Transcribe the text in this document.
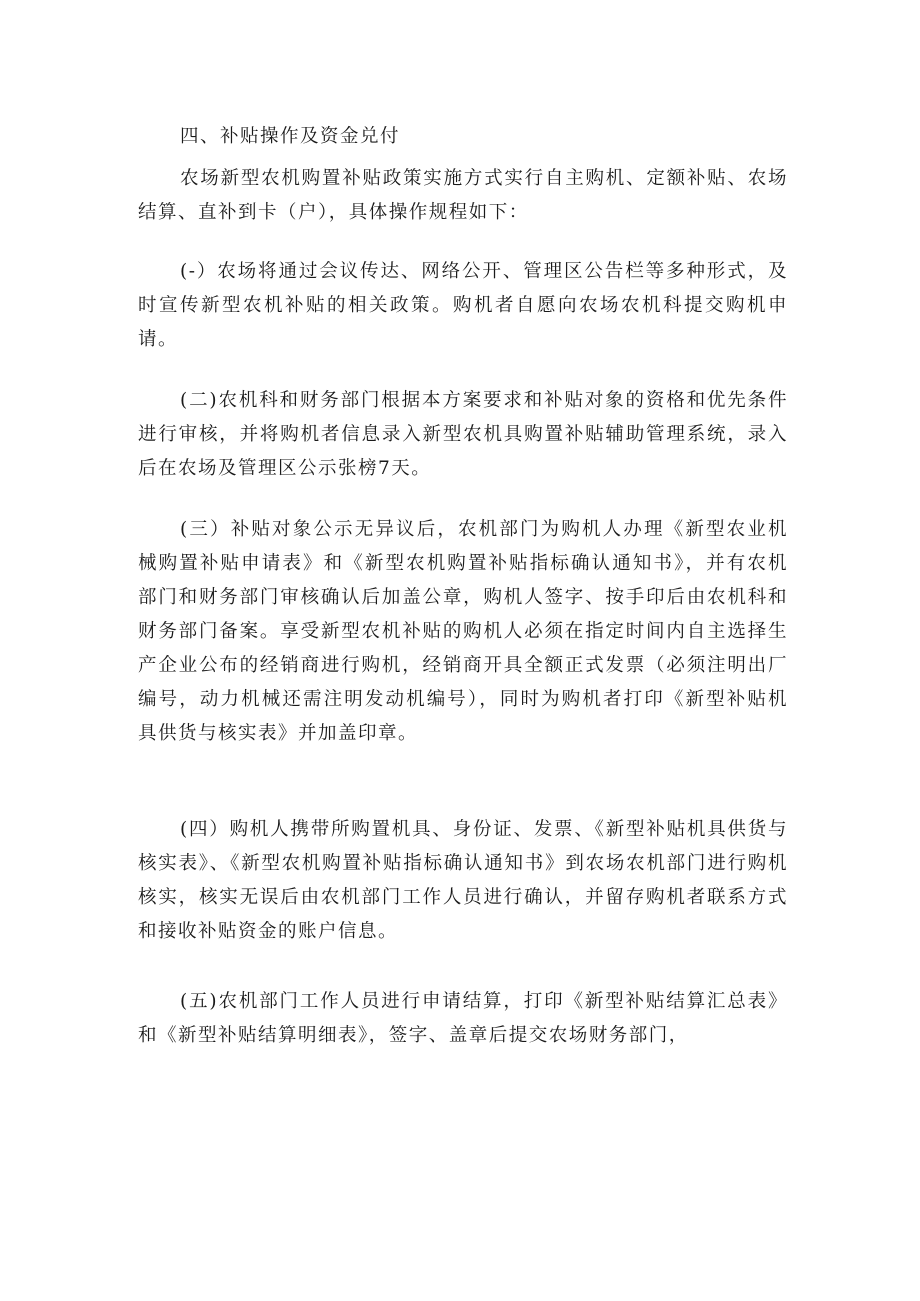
四、补贴操作及资金兑付

农场新型农机购置补贴政策实施方式实行自主购机、定额补贴、农场结算、直补到卡（户），具体操作规程如下：

(-）农场将通过会议传达、网络公开、管理区公告栏等多种形式，及时宣传新型农机补贴的相关政策。购机者自愿向农场农机科提交购机申请。

(二)农机科和财务部门根据本方案要求和补贴对象的资格和优先条件进行审核，并将购机者信息录入新型农机具购置补贴辅助管理系统，录入后在农场及管理区公示张榜7天。

(三）补贴对象公示无异议后，农机部门为购机人办理《新型农业机械购置补贴申请表》和《新型农机购置补贴指标确认通知书》，并有农机部门和财务部门审核确认后加盖公章，购机人签字、按手印后由农机科和财务部门备案。享受新型农机补贴的购机人必须在指定时间内自主选择生产企业公布的经销商进行购机，经销商开具全额正式发票（必须注明出厂编号，动力机械还需注明发动机编号），同时为购机者打印《新型补贴机具供货与核实表》并加盖印章。

(四）购机人携带所购置机具、身份证、发票、《新型补贴机具供货与核实表》、《新型农机购置补贴指标确认通知书》到农场农机部门进行购机核实，核实无误后由农机部门工作人员进行确认，并留存购机者联系方式和接收补贴资金的账户信息。

(五)农机部门工作人员进行申请结算，打印《新型补贴结算汇总表》和《新型补贴结算明细表》，签字、盖章后提交农场财务部门，
